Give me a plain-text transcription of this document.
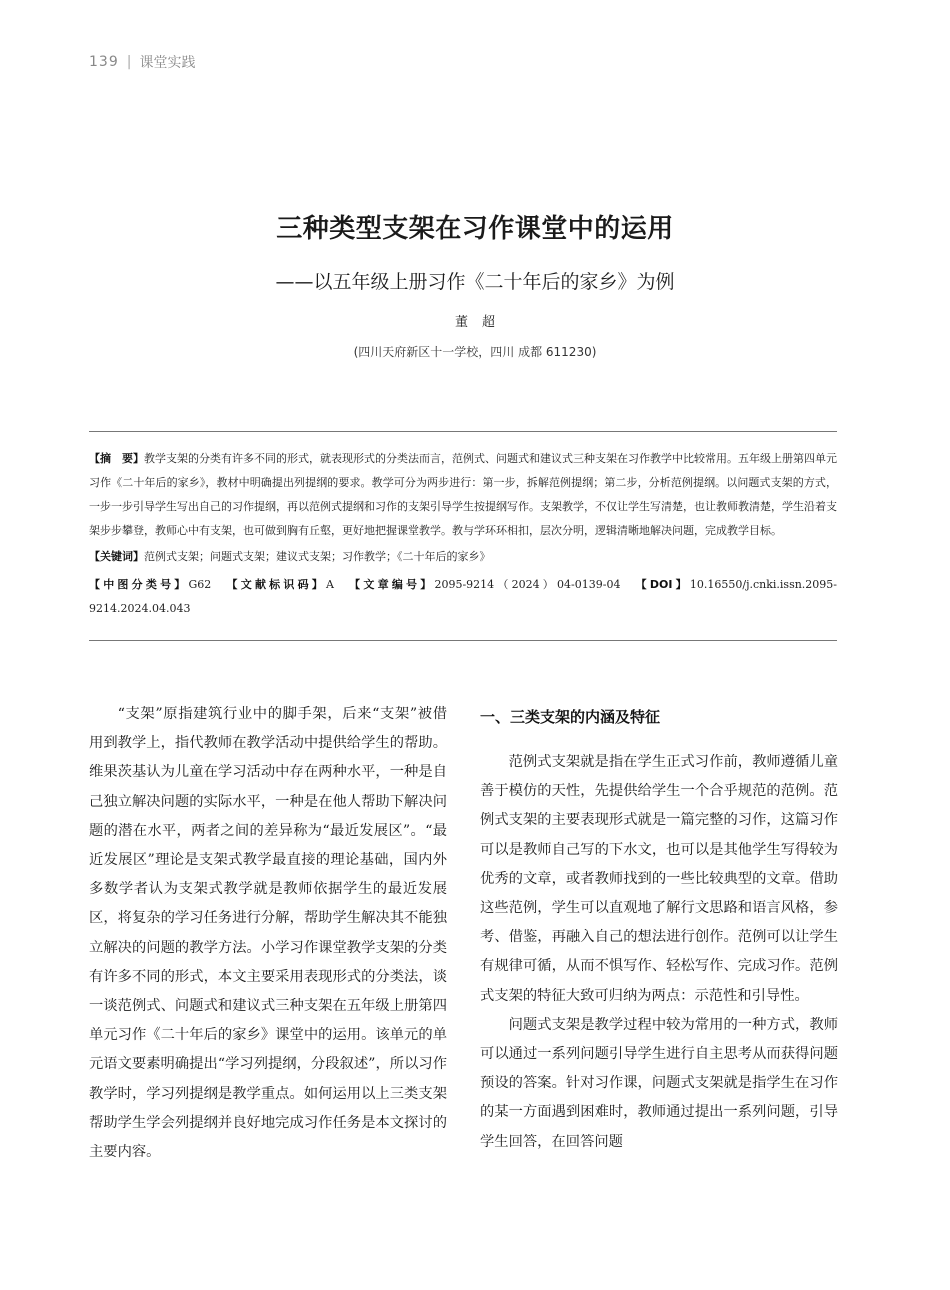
139 | 课堂实践
三种类型支架在习作课堂中的运用
——以五年级上册习作《二十年后的家乡》为例
董超
(四川天府新区十一学校，四川 成都 611230)

【摘　要】教学支架的分类有许多不同的形式，就表现形式的分类法而言，范例式、问题式和建议式三种支架在习作教学中比较常用。五年级上册第四单元习作《二十年后的家乡》，教材中明确提出列提纲的要求。教学可分为两步进行：第一步，拆解范例提纲；第二步，分析范例提纲。以问题式支架的方式，一步一步引导学生写出自己的习作提纲，再以范例式提纲和习作的支架引导学生按提纲写作。支架教学，不仅让学生写清楚，也让教师教清楚，学生沿着支架步步攀登，教师心中有支架，也可做到胸有丘壑，更好地把握课堂教学。教与学环环相扣，层次分明，逻辑清晰地解决问题，完成教学目标。

【关键词】范例式支架；问题式支架；建议式支架；习作教学；《二十年后的家乡》

【中图分类号】G62 【文献标识码】A 【文章编号】2095-9214（2024）04-0139-04 【DOI】10.16550/j.cnki.issn.2095-9214.2024.04.043

“支架”原指建筑行业中的脚手架，后来“支架”被借用到教学上，指代教师在教学活动中提供给学生的帮助。维果茨基认为儿童在学习活动中存在两种水平，一种是自己独立解决问题的实际水平，一种是在他人帮助下解决问题的潜在水平，两者之间的差异称为“最近发展区”。“最近发展区”理论是支架式教学最直接的理论基础，国内外多数学者认为支架式教学就是教师依据学生的最近发展区，将复杂的学习任务进行分解，帮助学生解决其不能独立解决的问题的教学方法。小学习作课堂教学支架的分类有许多不同的形式，本文主要采用表现形式的分类法，谈一谈范例式、问题式和建议式三种支架在五年级上册第四单元习作《二十年后的家乡》课堂中的运用。该单元的单元语文要素明确提出“学习列提纲，分段叙述”，所以习作教学时，学习列提纲是教学重点。如何运用以上三类支架帮助学生学会列提纲并良好地完成习作任务是本文探讨的主要内容。

一、三类支架的内涵及特征

范例式支架就是指在学生正式习作前，教师遵循儿童善于模仿的天性，先提供给学生一个合乎规范的范例。范例式支架的主要表现形式就是一篇完整的习作，这篇习作可以是教师自己写的下水文，也可以是其他学生写得较为优秀的文章，或者教师找到的一些比较典型的文章。借助这些范例，学生可以直观地了解行文思路和语言风格，参考、借鉴，再融入自己的想法进行创作。范例可以让学生有规律可循，从而不惧写作、轻松写作、完成习作。范例式支架的特征大致可归纳为两点：示范性和引导性。

问题式支架是教学过程中较为常用的一种方式，教师可以通过一系列问题引导学生进行自主思考从而获得问题预设的答案。针对习作课，问题式支架就是指学生在习作的某一方面遇到困难时，教师通过提出一系列问题，引导学生回答，在回答问题
